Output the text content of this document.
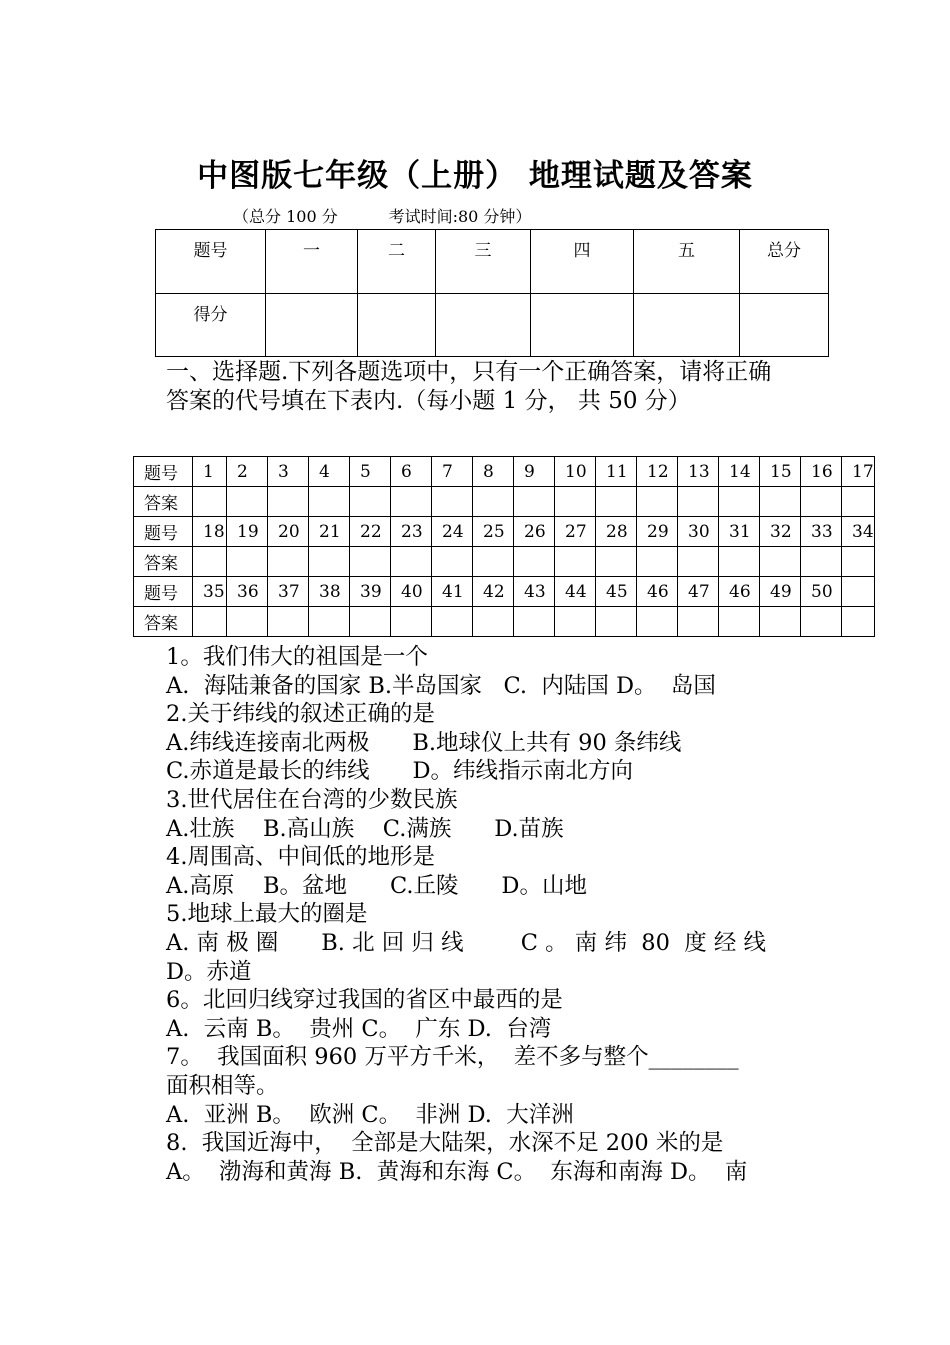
中图版七年级（上册） 地理试题及答案
（总分 100 分          考试时间:80 分钟）
题号	一	二	三	四	五	总分
得分						
一、选择题.下列各题选项中，只有一个正确答案，请将正确答案的代号填在下表内.（每小题 1 分， 共 50 分）
题号	1	2	3	4	5	6	7	8	9	10	11	12	13	14	15	16	17
答案																	
题号	18	19	20	21	22	23	24	25	26	27	28	29	30	31	32	33	34
答案																	
题号	35	36	37	38	39	40	41	42	43	44	45	46	47	46	49	50	
答案																	
1。我们伟大的祖国是一个
A.  海陆兼备的国家 B.半岛国家   C.  内陆国 D。  岛国
2.关于纬线的叙述正确的是
A.纬线连接南北两极      B.地球仪上共有 90 条纬线
C.赤道是最长的纬线      D。纬线指示南北方向
3.世代居住在台湾的少数民族
A.壮族    B.高山族    C.满族      D.苗族
4.周围高、中间低的地形是
A.高原    B。盆地      C.丘陵      D。山地
5.地球上最大的圈是
A. 南 极 圈      B. 北 回 归 线        C 。 南 纬  80  度 经 线
D。赤道
6。北回归线穿过我国的省区中最西的是
A.  云南 B。  贵州 C。  广东 D.  台湾
7。  我国面积 960 万平方千米，  差不多与整个________
面积相等。
A.  亚洲 B。  欧洲 C。  非洲 D.  大洋洲
8.  我国近海中，  全部是大陆架，水深不足 200 米的是
A。  渤海和黄海 B.  黄海和东海 C。  东海和南海 D。  南
